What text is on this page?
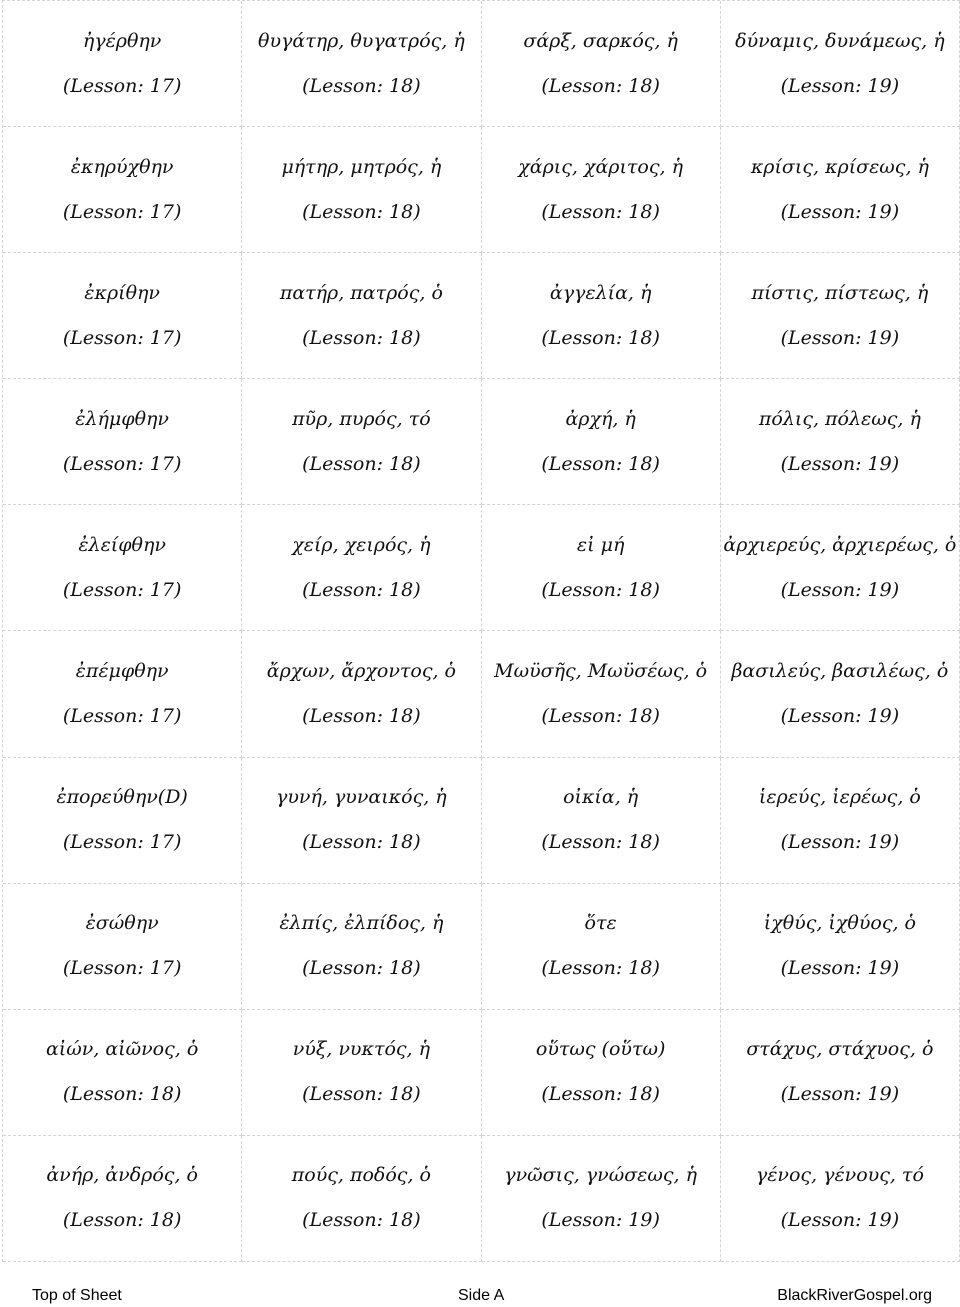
ἠγέρθην
(Lesson: 17)
θυγάτηρ, θυγατρός, ἡ
(Lesson: 18)
σάρξ, σαρκός, ἡ
(Lesson: 18)
δύναμις, δυνάμεως, ἡ
(Lesson: 19)
ἐκηρύχθην
(Lesson: 17)
μήτηρ, μητρός, ἡ
(Lesson: 18)
χάρις, χάριτος, ἡ
(Lesson: 18)
κρίσις, κρίσεως, ἡ
(Lesson: 19)
ἐκρίθην
(Lesson: 17)
πατήρ, πατρός, ὁ
(Lesson: 18)
ἀγγελία, ἡ
(Lesson: 18)
πίστις, πίστεως, ἡ
(Lesson: 19)
ἐλήμφθην
(Lesson: 17)
πῦρ, πυρός, τό
(Lesson: 18)
ἀρχή, ἡ
(Lesson: 18)
πόλις, πόλεως, ἡ
(Lesson: 19)
ἐλείφθην
(Lesson: 17)
χείρ, χειρός, ἡ
(Lesson: 18)
εἰ μή
(Lesson: 18)
ἀρχιερεύς, ἀρχιερέως, ὁ
(Lesson: 19)
ἐπέμφθην
(Lesson: 17)
ἄρχων, ἄρχοντος, ὁ
(Lesson: 18)
Μωϋσῆς, Μωϋσέως, ὁ
(Lesson: 18)
βασιλεύς, βασιλέως, ὁ
(Lesson: 19)
ἐπορεύθην(D)
(Lesson: 17)
γυνή, γυναικός, ἡ
(Lesson: 18)
οἰκία, ἡ
(Lesson: 18)
ἱερεύς, ἱερέως, ὁ
(Lesson: 19)
ἐσώθην
(Lesson: 17)
ἐλπίς, ἐλπίδος, ἡ
(Lesson: 18)
ὅτε
(Lesson: 18)
ἰχθύς, ἰχθύος, ὁ
(Lesson: 19)
αἰών, αἰῶνος, ὁ
(Lesson: 18)
νύξ, νυκτός, ἡ
(Lesson: 18)
οὕτως (οὕτω)
(Lesson: 18)
στάχυς, στάχυος, ὁ
(Lesson: 19)
ἀνήρ, ἀνδρός, ὁ
(Lesson: 18)
πούς, ποδός, ὁ
(Lesson: 18)
γνῶσις, γνώσεως, ἡ
(Lesson: 19)
γένος, γένους, τό
(Lesson: 19)
Top of Sheet	Side A	BlackRiverGospel.org
